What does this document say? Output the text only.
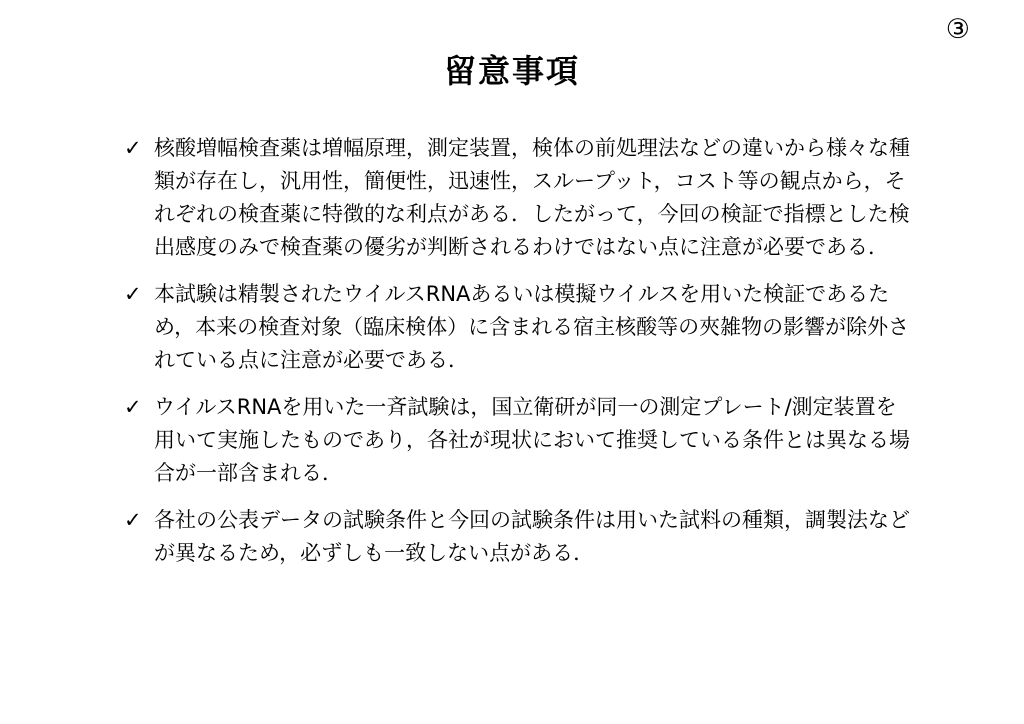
③
留意事項
✓ 核酸増幅検査薬は増幅原理，測定装置，検体の前処理法などの違いから様々な種類が存在し，汎用性，簡便性，迅速性，スループット，コスト等の観点から，それぞれの検査薬に特徴的な利点がある．したがって，今回の検証で指標とした検出感度のみで検査薬の優劣が判断されるわけではない点に注意が必要である．
✓ 本試験は精製されたウイルスRNAあるいは模擬ウイルスを用いた検証であるため，本来の検査対象（臨床検体）に含まれる宿主核酸等の夾雑物の影響が除外されている点に注意が必要である．
✓ ウイルスRNAを用いた一斉試験は，国立衛研が同一の測定プレート/測定装置を用いて実施したものであり，各社が現状において推奨している条件とは異なる場合が一部含まれる．
✓ 各社の公表データの試験条件と今回の試験条件は用いた試料の種類，調製法などが異なるため，必ずしも一致しない点がある．
